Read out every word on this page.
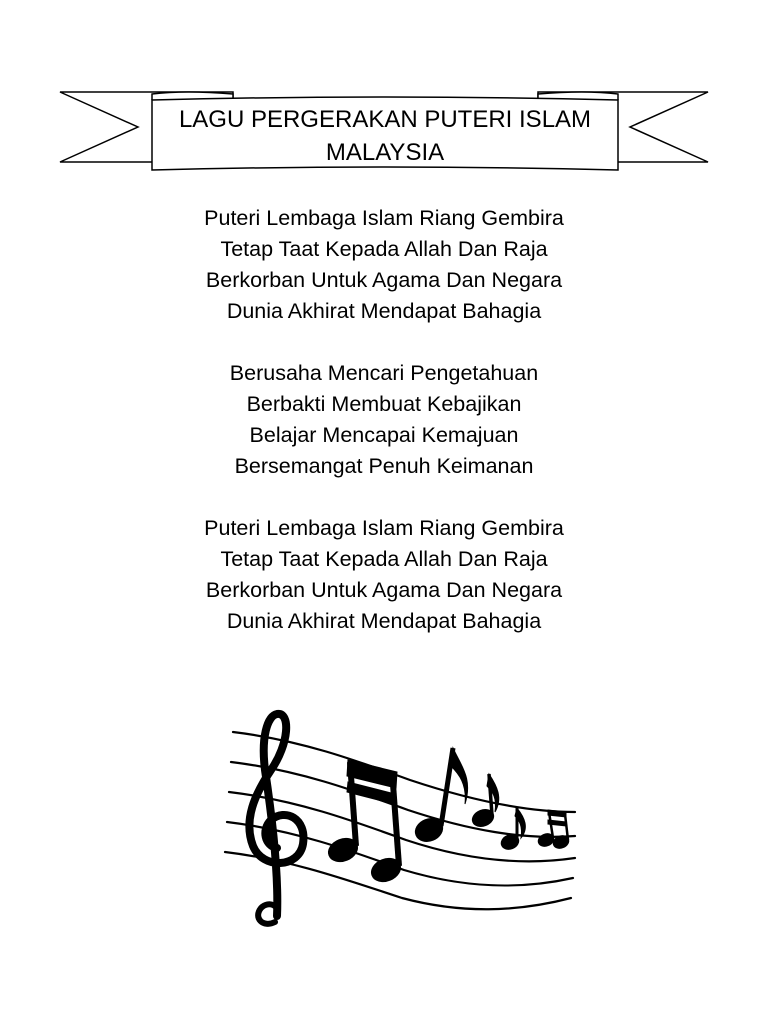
LAGU PERGERAKAN PUTERI ISLAM
MALAYSIA
Puteri Lembaga Islam Riang Gembira
Tetap Taat Kepada Allah Dan Raja
Berkorban Untuk Agama Dan Negara
Dunia Akhirat Mendapat Bahagia
Berusaha Mencari Pengetahuan
Berbakti Membuat Kebajikan
Belajar Mencapai Kemajuan
Bersemangat Penuh Keimanan
Puteri Lembaga Islam Riang Gembira
Tetap Taat Kepada Allah Dan Raja
Berkorban Untuk Agama Dan Negara
Dunia Akhirat Mendapat Bahagia
